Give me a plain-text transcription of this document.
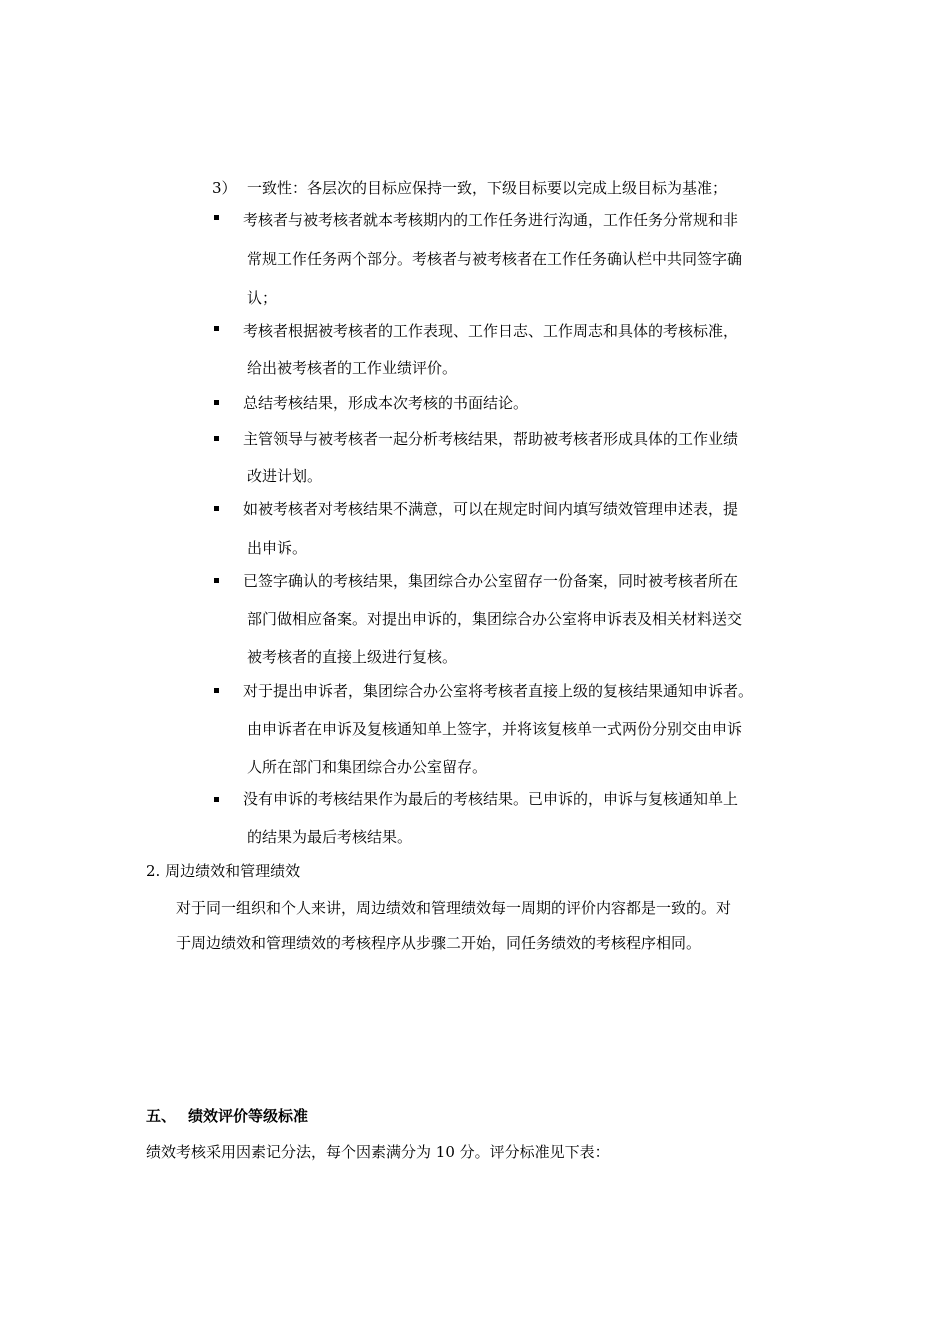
3） 一致性：各层次的目标应保持一致，下级目标要以完成上级目标为基准；
考核者与被考核者就本考核期内的工作任务进行沟通，工作任务分常规和非
常规工作任务两个部分。考核者与被考核者在工作任务确认栏中共同签字确
认；
考核者根据被考核者的工作表现、工作日志、工作周志和具体的考核标准，
给出被考核者的工作业绩评价。
总结考核结果，形成本次考核的书面结论。
主管领导与被考核者一起分析考核结果，帮助被考核者形成具体的工作业绩
改进计划。
如被考核者对考核结果不满意，可以在规定时间内填写绩效管理申述表，提
出申诉。
已签字确认的考核结果，集团综合办公室留存一份备案，同时被考核者所在
部门做相应备案。对提出申诉的，集团综合办公室将申诉表及相关材料送交
被考核者的直接上级进行复核。
对于提出申诉者，集团综合办公室将考核者直接上级的复核结果通知申诉者。
由申诉者在申诉及复核通知单上签字，并将该复核单一式两份分别交由申诉
人所在部门和集团综合办公室留存。
没有申诉的考核结果作为最后的考核结果。已申诉的，申诉与复核通知单上
的结果为最后考核结果。
2. 周边绩效和管理绩效
对于同一组织和个人来讲，周边绩效和管理绩效每一周期的评价内容都是一致的。对
于周边绩效和管理绩效的考核程序从步骤二开始，同任务绩效的考核程序相同。
五、 绩效评价等级标准
绩效考核采用因素记分法，每个因素满分为 10 分。评分标准见下表：
